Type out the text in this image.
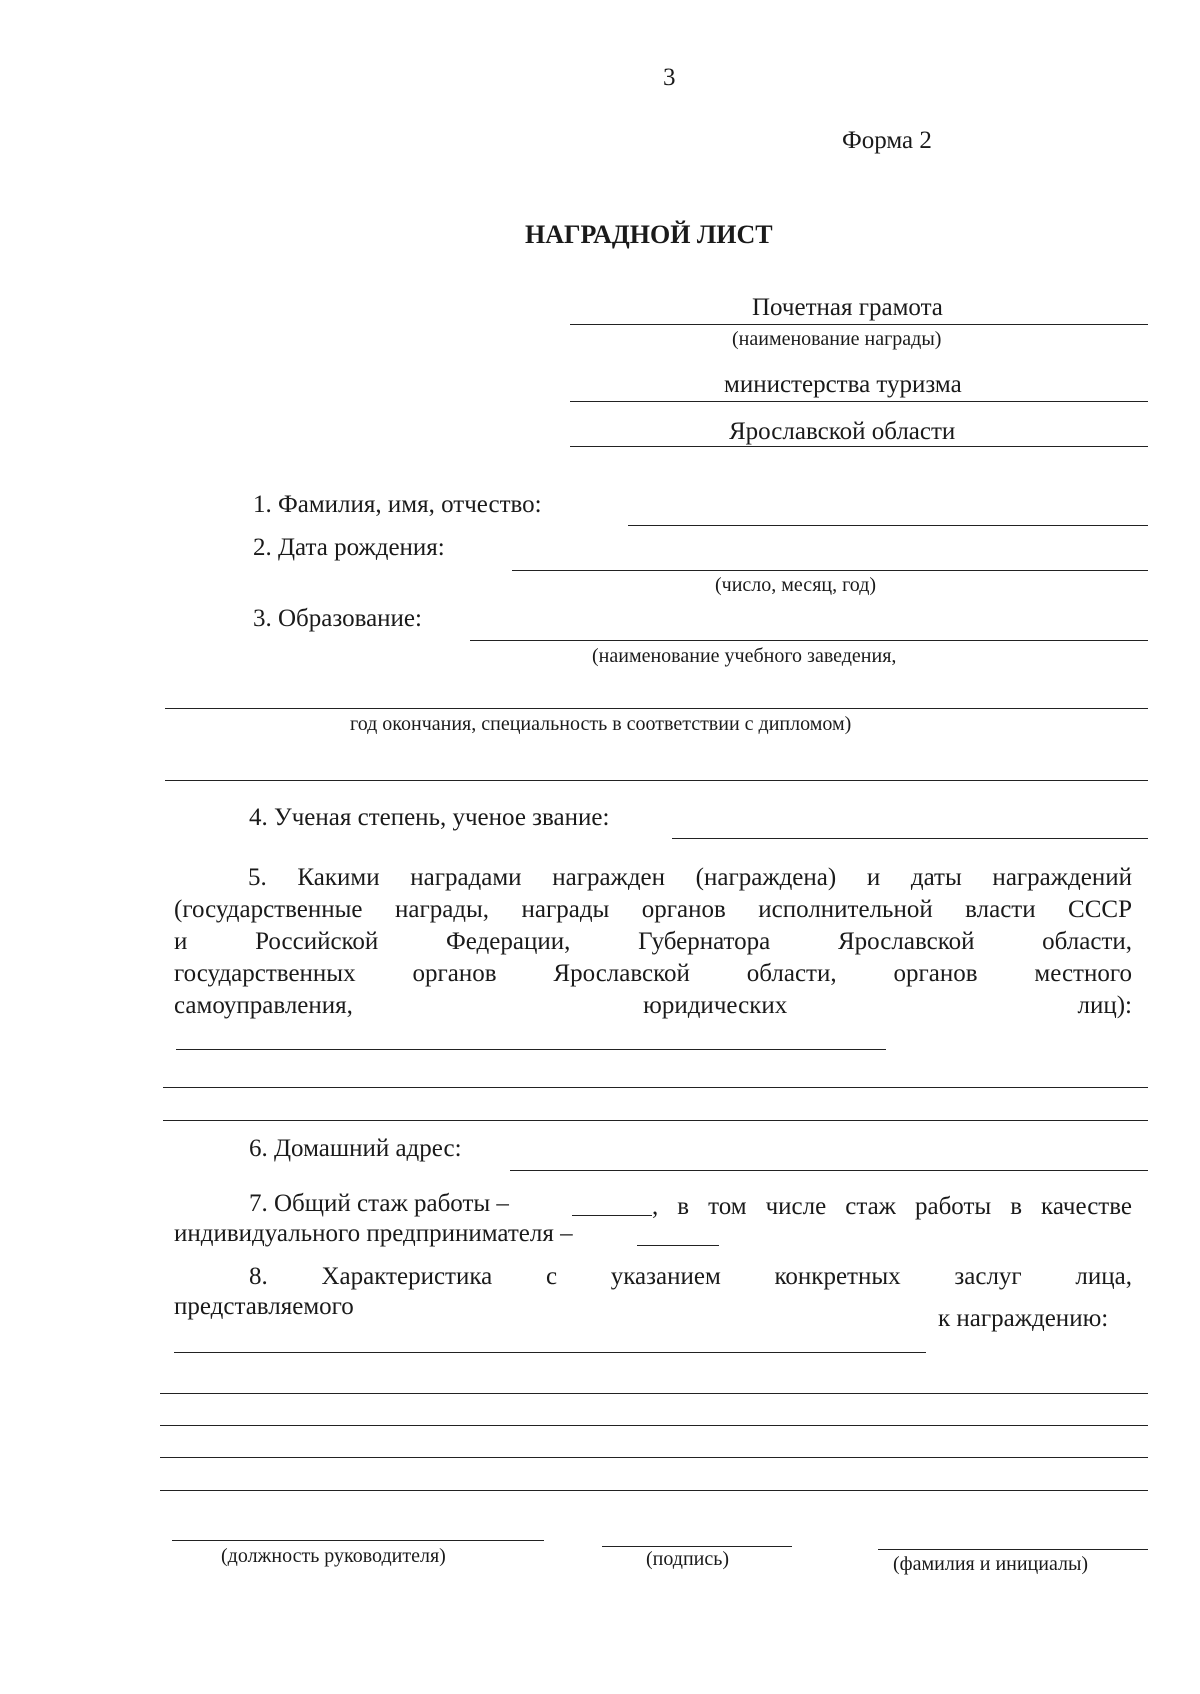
3
Форма 2
НАГРАДНОЙ ЛИСТ
Почетная грамота
(наименование награды)
министерства туризма
Ярославской области
1. Фамилия, имя, отчество:
2. Дата рождения:
(число, месяц, год)
3. Образование:
(наименование учебного заведения,
год окончания, специальность в соответствии с дипломом)
4. Ученая степень, ученое звание:
5. Какими наградами награжден (награждена) и даты награждений
(государственные награды, награды органов исполнительной власти СССР
и Российской Федерации, Губернатора Ярославской области,
государственных органов Ярославской области, органов местного
самоуправления, юридических лиц):
6. Домашний адрес:
7. Общий стаж работы –	, в том числе стаж работы в качестве
индивидуального предпринимателя –
8. Характеристика с указанием конкретных заслуг лица,
представляемого	к награждению:
(должность руководителя)	(подпись)	(фамилия и инициалы)
